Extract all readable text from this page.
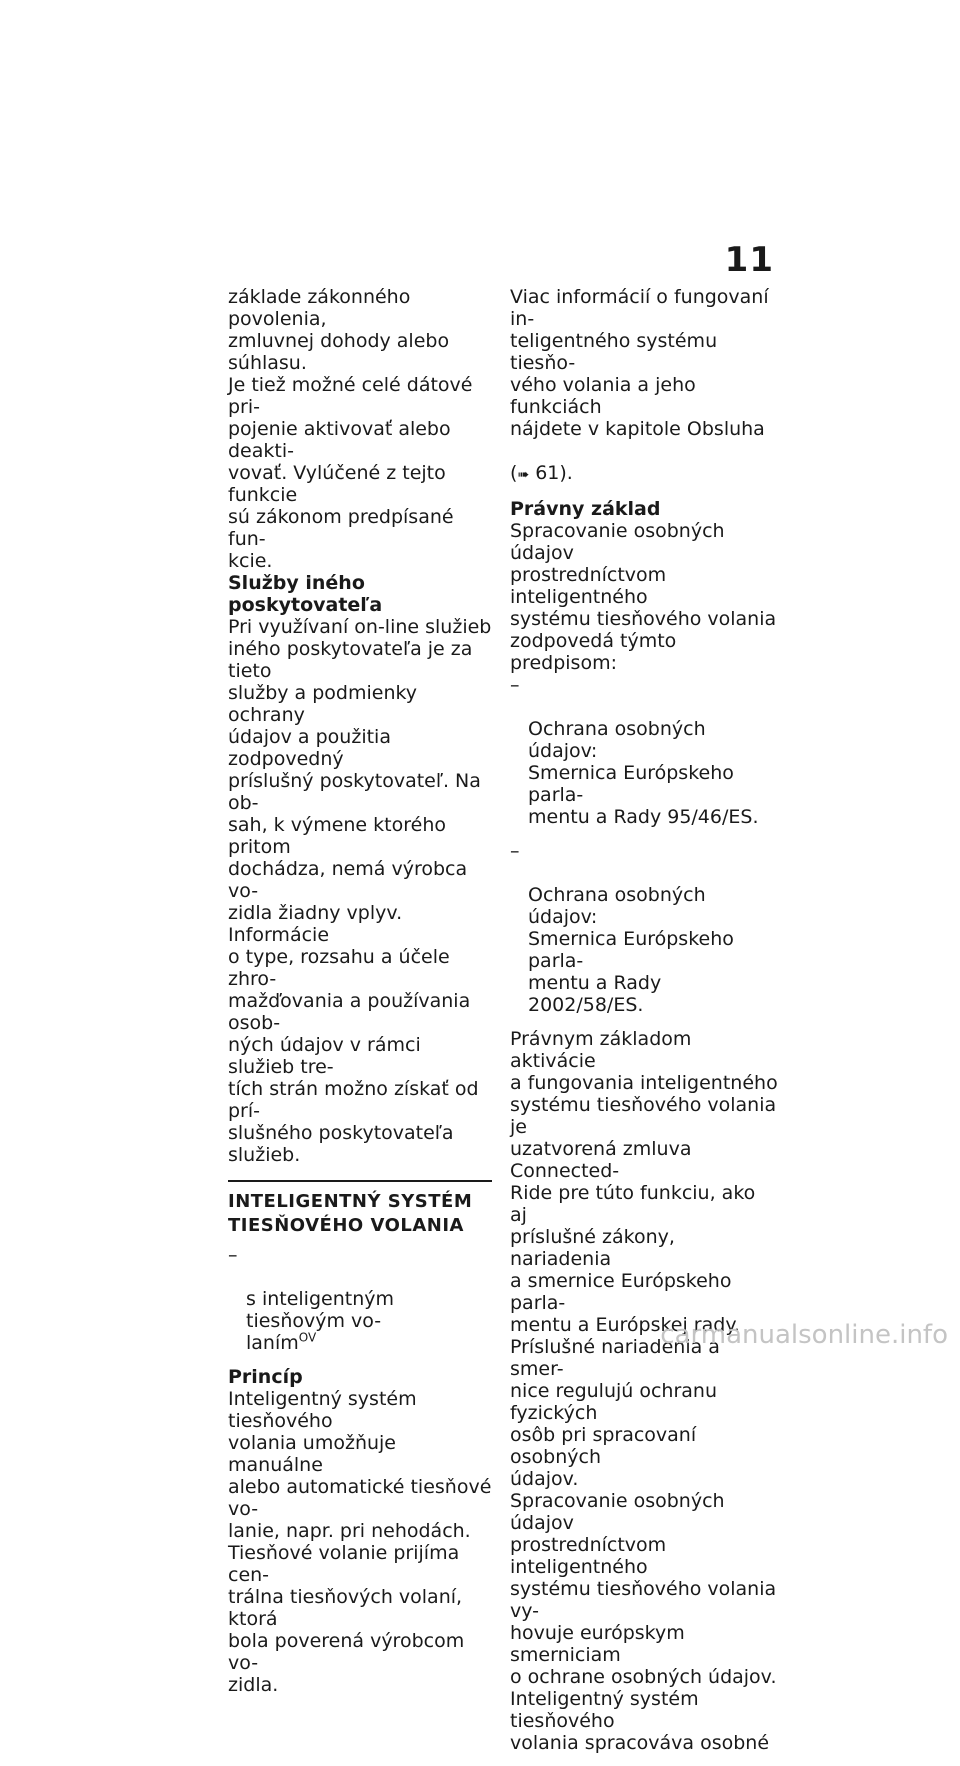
11

základe zákonného povolenia,
zmluvnej dohody alebo súhlasu.
Je tiež možné celé dátové pri-
pojenie aktivovať alebo deakti-
vovať. Vylúčené z tejto funkcie
sú zákonom predpísané fun-
kcie.

Služby iného poskytovateľa

Pri využívaní on-line služieb
iného poskytovateľa je za tieto
služby a podmienky ochrany
údajov a použitia zodpovedný
príslušný poskytovateľ. Na ob-
sah, k výmene ktorého pritom
dochádza, nemá výrobca vo-
zidla žiadny vplyv. Informácie
o type, rozsahu a účele zhro-
mažďovania a používania osob-
ných údajov v rámci služieb tre-
tích strán možno získať od prí-
slušného poskytovateľa služieb.

INTELIGENTNÝ SYSTÉM
TIESŇOVÉHO VOLANIA

–

s inteligentným tiesňovým vo-
laním$^{OV}$

Princíp

Inteligentný systém tiesňového
volania umožňuje manuálne
alebo automatické tiesňové vo-
lanie, napr. pri nehodách.
Tiesňové volanie prijíma cen-
trálna tiesňových volaní, ktorá
bola poverená výrobcom vo-
zidla.

Viac informácií o fungovaní in-
teligentného systému tiesňo-
vého volania a jeho funkciách
nájdete v kapitole Obsluha

(➠ 61).

Právny základ

Spracovanie osobných údajov
prostredníctvom inteligentného
systému tiesňového volania
zodpovedá týmto predpisom:

–

Ochrana osobných údajov:
Smernica Európskeho parla-
mentu a Rady 95/46/ES.

–

Ochrana osobných údajov:
Smernica Európskeho parla-
mentu a Rady 2002/58/ES.

Právnym základom aktivácie
a fungovania inteligentného
systému tiesňového volania je
uzatvorená zmluva Connected-
Ride pre túto funkciu, ako aj
príslušné zákony, nariadenia
a smernice Európskeho parla-
mentu a Európskej rady.
Príslušné nariadenia a smer-
nice regulujú ochranu fyzických
osôb pri spracovaní osobných
údajov.
Spracovanie osobných údajov
prostredníctvom inteligentného
systému tiesňového volania vy-
hovuje európskym smerniciam
o ochrane osobných údajov.
Inteligentný systém tiesňového
volania spracováva osobné

carmanualsonline.info
